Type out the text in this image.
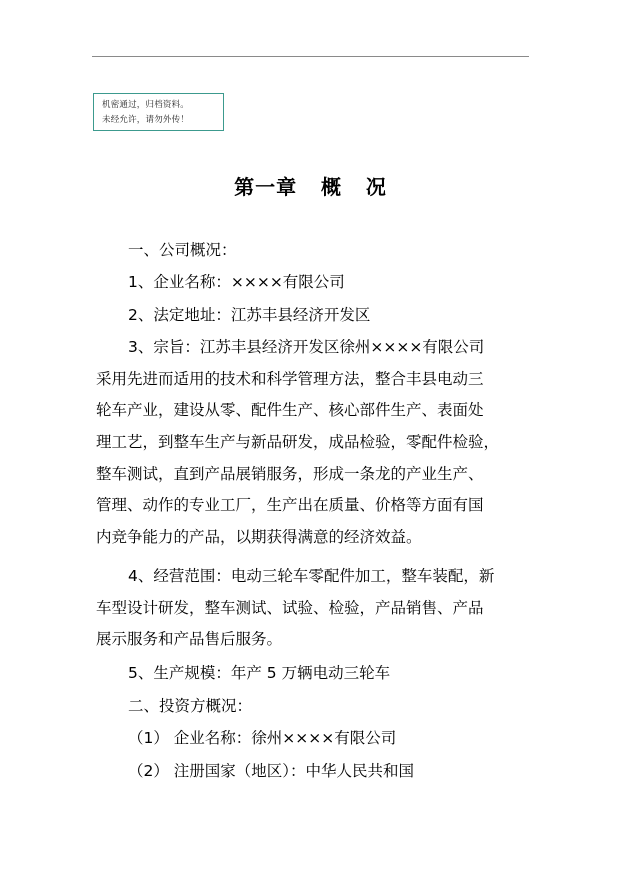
机密通过，归档资料。
未经允许，请勿外传！
第一章   概   况
一、公司概况：
1、企业名称：××××有限公司
2、法定地址：江苏丰县经济开发区
3、宗旨：江苏丰县经济开发区徐州××××有限公司
采用先进而适用的技术和科学管理方法，整合丰县电动三
轮车产业，建设从零、配件生产、核心部件生产、表面处
理工艺，到整车生产与新品研发，成品检验，零配件检验，
整车测试，直到产品展销服务，形成一条龙的产业生产、
管理、动作的专业工厂，生产出在质量、价格等方面有国
内竞争能力的产品，以期获得满意的经济效益。
4、经营范围：电动三轮车零配件加工，整车装配，新
车型设计研发，整车测试、试验、检验，产品销售、产品
展示服务和产品售后服务。
5、生产规模：年产 5 万辆电动三轮车
二、投资方概况：
（1） 企业名称：徐州××××有限公司
（2） 注册国家（地区）：中华人民共和国
